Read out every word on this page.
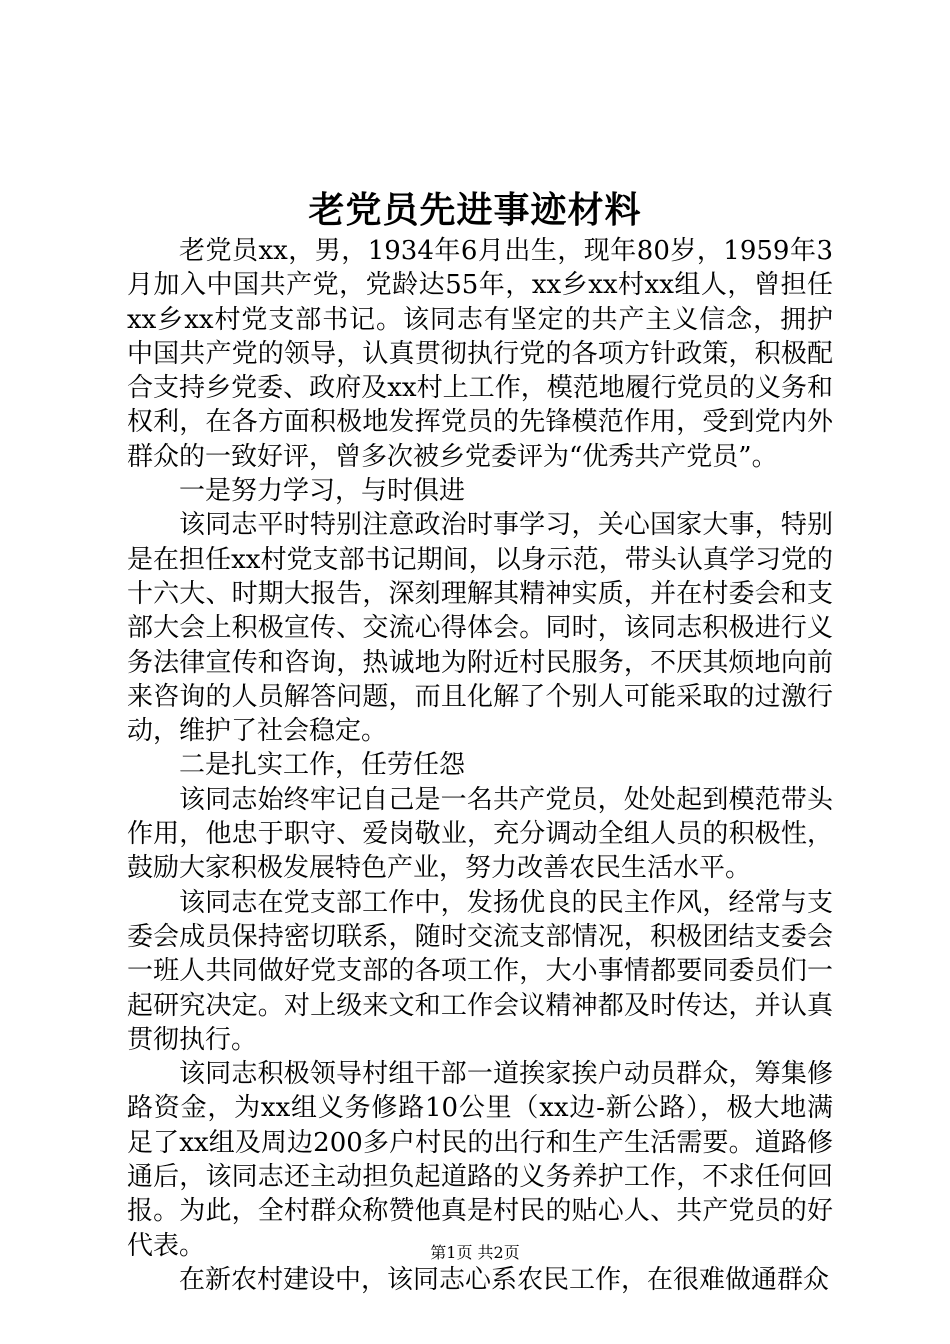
老党员先进事迹材料

老党员xx，男，1934年6月出生，现年80岁，1959年3月加入中国共产党，党龄达55年，xx乡xx村xx组人，曾担任xx乡xx村党支部书记。该同志有坚定的共产主义信念，拥护中国共产党的领导，认真贯彻执行党的各项方针政策，积极配合支持乡党委、政府及xx村上工作，模范地履行党员的义务和权利，在各方面积极地发挥党员的先锋模范作用，受到党内外群众的一致好评，曾多次被乡党委评为“优秀共产党员”。

一是努力学习，与时俱进

该同志平时特别注意政治时事学习，关心国家大事，特别是在担任xx村党支部书记期间，以身示范，带头认真学习党的十六大、时期大报告，深刻理解其精神实质，并在村委会和支部大会上积极宣传、交流心得体会。同时，该同志积极进行义务法律宣传和咨询，热诚地为附近村民服务，不厌其烦地向前来咨询的人员解答问题，而且化解了个别人可能采取的过激行动，维护了社会稳定。

二是扎实工作，任劳任怨

该同志始终牢记自己是一名共产党员，处处起到模范带头作用，他忠于职守、爱岗敬业，充分调动全组人员的积极性，鼓励大家积极发展特色产业，努力改善农民生活水平。

该同志在党支部工作中，发扬优良的民主作风，经常与支委会成员保持密切联系，随时交流支部情况，积极团结支委会一班人共同做好党支部的各项工作，大小事情都要同委员们一起研究决定。对上级来文和工作会议精神都及时传达，并认真贯彻执行。

该同志积极领导村组干部一道挨家挨户动员群众，筹集修路资金，为xx组义务修路10公里（xx边-新公路），极大地满足了xx组及周边200多户村民的出行和生产生活需要。道路修通后，该同志还主动担负起道路的义务养护工作，不求任何回报。为此，全村群众称赞他真是村民的贴心人、共产党员的好代表。

在新农村建设中，该同志心系农民工作，在很难做通群众

第1页 共2页
